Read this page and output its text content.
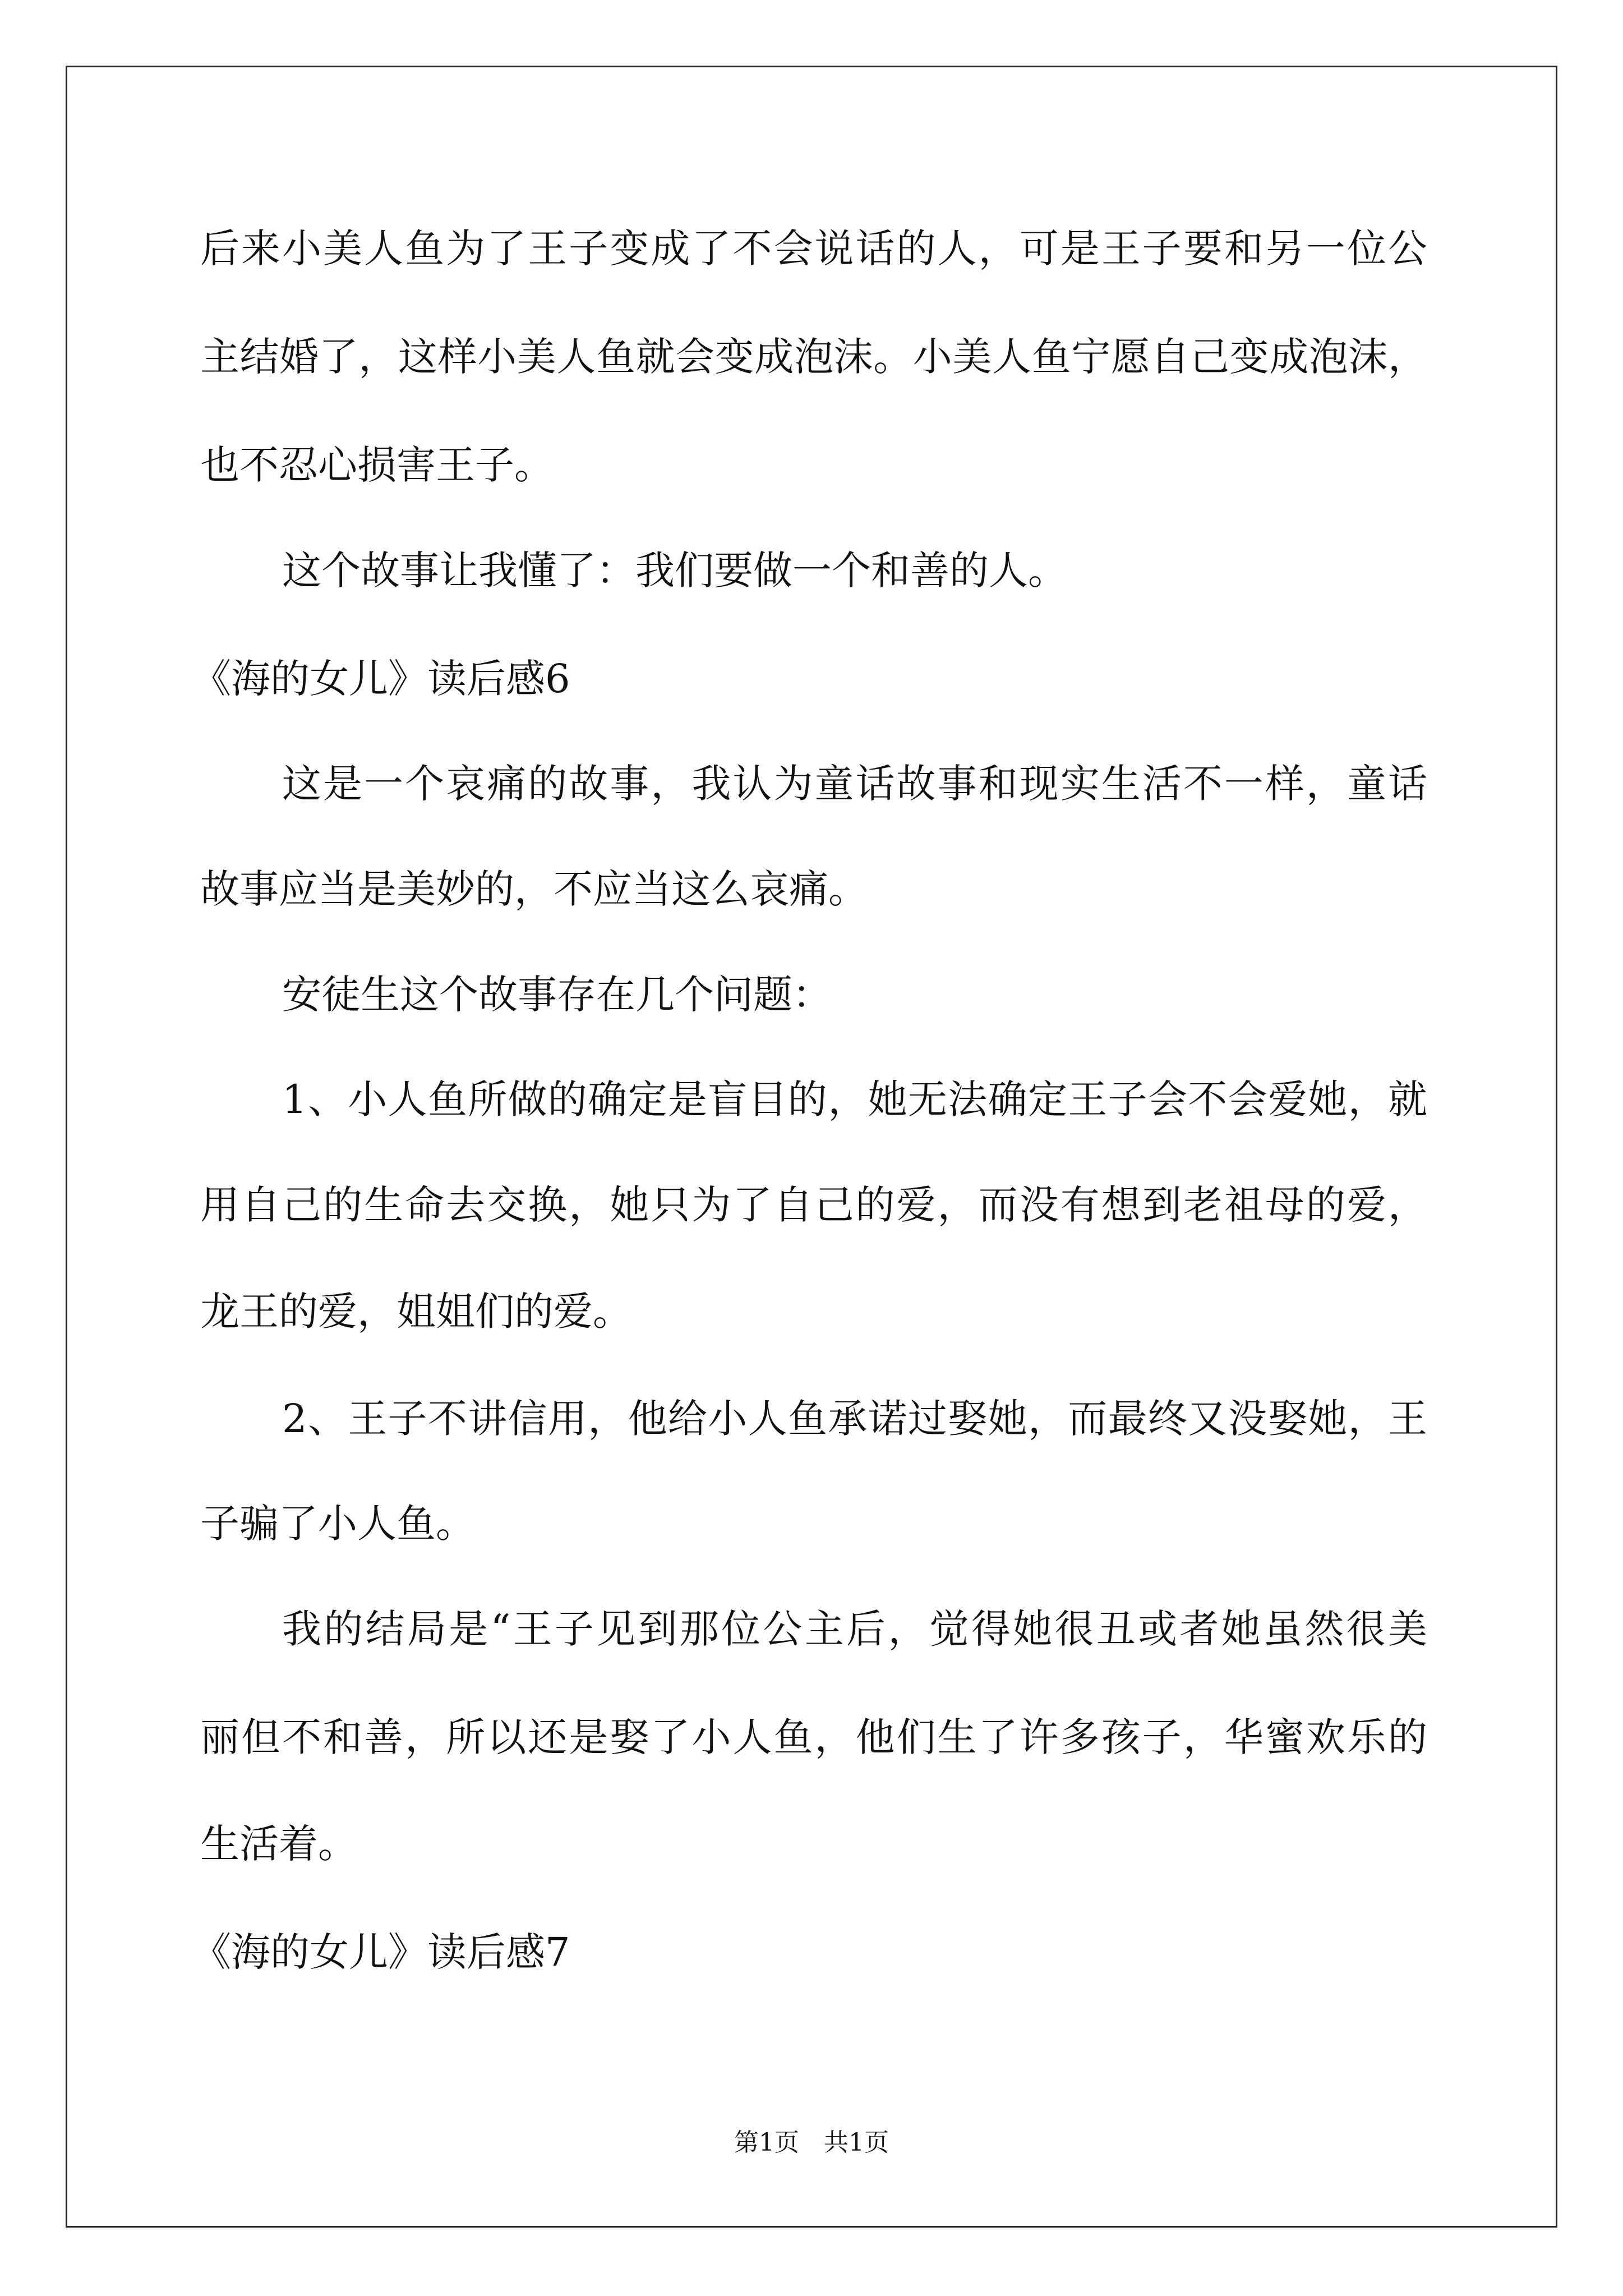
后来小美人鱼为了王子变成了不会说话的人，可是王子要和另一位公
主结婚了，这样小美人鱼就会变成泡沫。小美人鱼宁愿自己变成泡沫，
也不忍心损害王子。
这个故事让我懂了：我们要做一个和善的人。
《海的女儿》读后感6
这是一个哀痛的故事，我认为童话故事和现实生活不一样，童话
故事应当是美妙的，不应当这么哀痛。
安徒生这个故事存在几个问题：
1、小人鱼所做的确定是盲目的，她无法确定王子会不会爱她，就
用自己的生命去交换，她只为了自己的爱，而没有想到老祖母的爱，
龙王的爱，姐姐们的爱。
2、王子不讲信用，他给小人鱼承诺过娶她，而最终又没娶她，王
子骗了小人鱼。
我的结局是“王子见到那位公主后，觉得她很丑或者她虽然很美
丽但不和善，所以还是娶了小人鱼，他们生了许多孩子，华蜜欢乐的
生活着。
《海的女儿》读后感7
第1页 共1页
